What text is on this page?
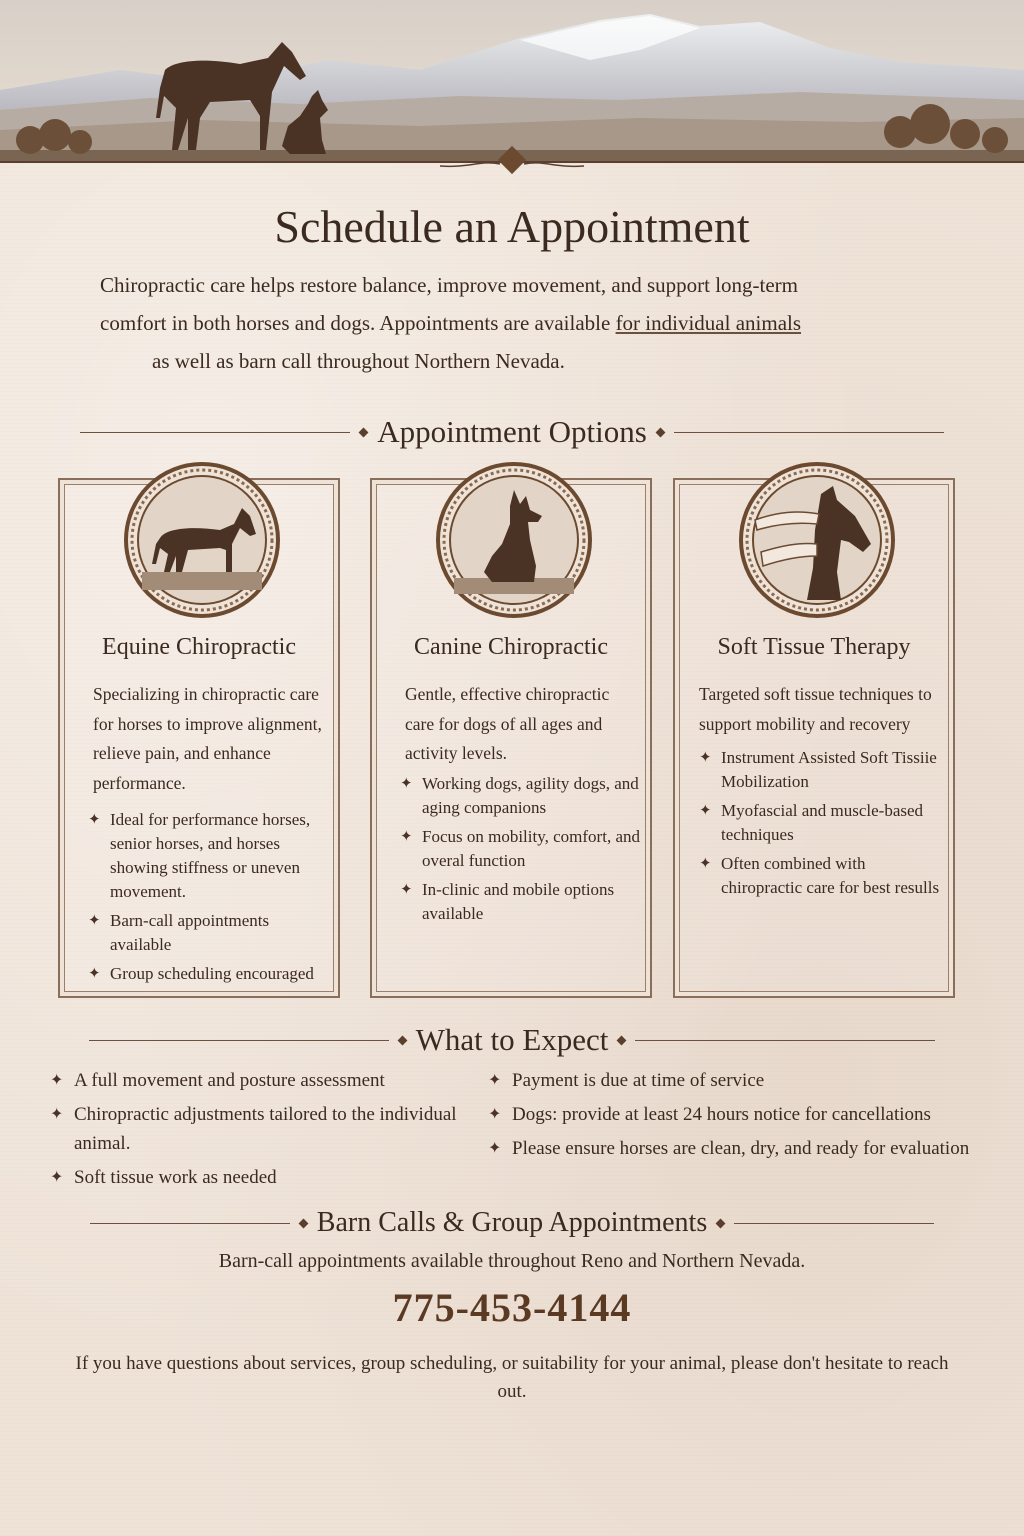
Schedule an Appointment
Chiropractic care helps restore balance, improve movement, and support long-term
comfort in both horses and dogs. Appointments are available for individual animals
as well as barn call throughout Northern Nevada.
Appointment Options
Equine Chiropractic
Specializing in chiropractic care for horses to improve alignment, relieve pain, and enhance performance.
✦ Ideal for performance horses, senior horses, and horses showing stiffness or uneven movement.
✦ Barn-call appointments available
✦ Group scheduling encouraged
Canine Chiropractic
Gentle, effective chiropractic care for dogs of all ages and activity levels.
✦ Working dogs, agility dogs, and aging companions
✦ Focus on mobility, comfort, and overal function
✦ In-clinic and mobile options available
Soft Tissue Therapy
Targeted soft tissue techniques to support mobility and recovery
✦ Instrument Assisted Soft Tissiie Mobilization
✦ Myofascial and muscle-based techniques
✦ Often combined with chiropractic care for best resulls
What to Expect
✦ A full movement and posture assessment
✦ Chiropractic adjustments tailored to the individual animal.
✦ Soft tissue work as needed
✦ Payment is due at time of service
✦ Dogs: provide at least 24 hours notice for cancellations
✦ Please ensure horses are clean, dry, and ready for evaluation
Barn Calls & Group Appointments
Barn-call appointments available throughout Reno and Northern Nevada.
775-453-4144
If you have questions about services, group scheduling, or suitability for your animal, please don't hesitate to reach out.
